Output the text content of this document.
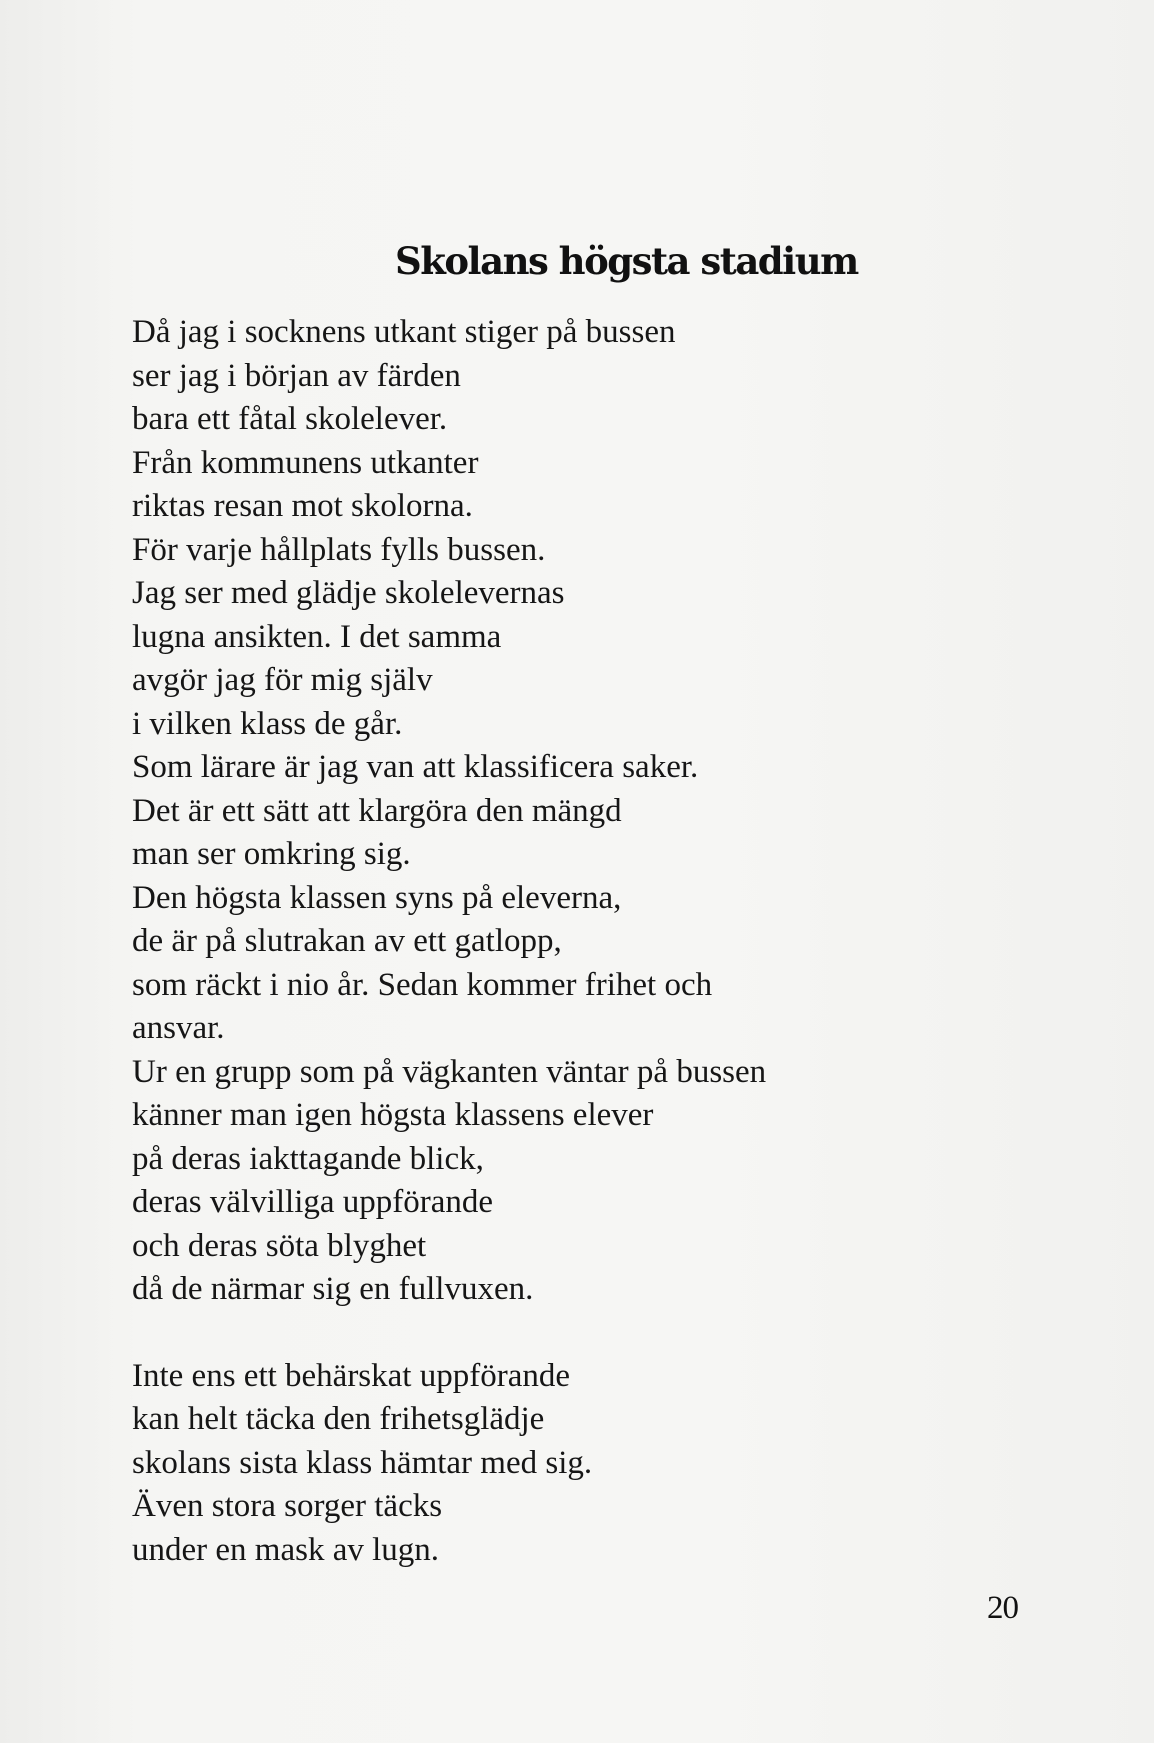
Skolans högsta stadium
Då jag i socknens utkant stiger på bussen
ser jag i början av färden
bara ett fåtal skolelever.
Från kommunens utkanter
riktas resan mot skolorna.
För varje hållplats fylls bussen.
Jag ser med glädje skolelevernas
lugna ansikten. I det samma
avgör jag för mig själv
i vilken klass de går.
Som lärare är jag van att klassificera saker.
Det är ett sätt att klargöra den mängd
man ser omkring sig.
Den högsta klassen syns på eleverna,
de är på slutrakan av ett gatlopp,
som räckt i nio år. Sedan kommer frihet och
ansvar.
Ur en grupp som på vägkanten väntar på bussen
känner man igen högsta klassens elever
på deras iakttagande blick,
deras välvilliga uppförande
och deras söta blyghet
då de närmar sig en fullvuxen.
Inte ens ett behärskat uppförande
kan helt täcka den frihetsglädje
skolans sista klass hämtar med sig.
Även stora sorger täcks
under en mask av lugn.
20
